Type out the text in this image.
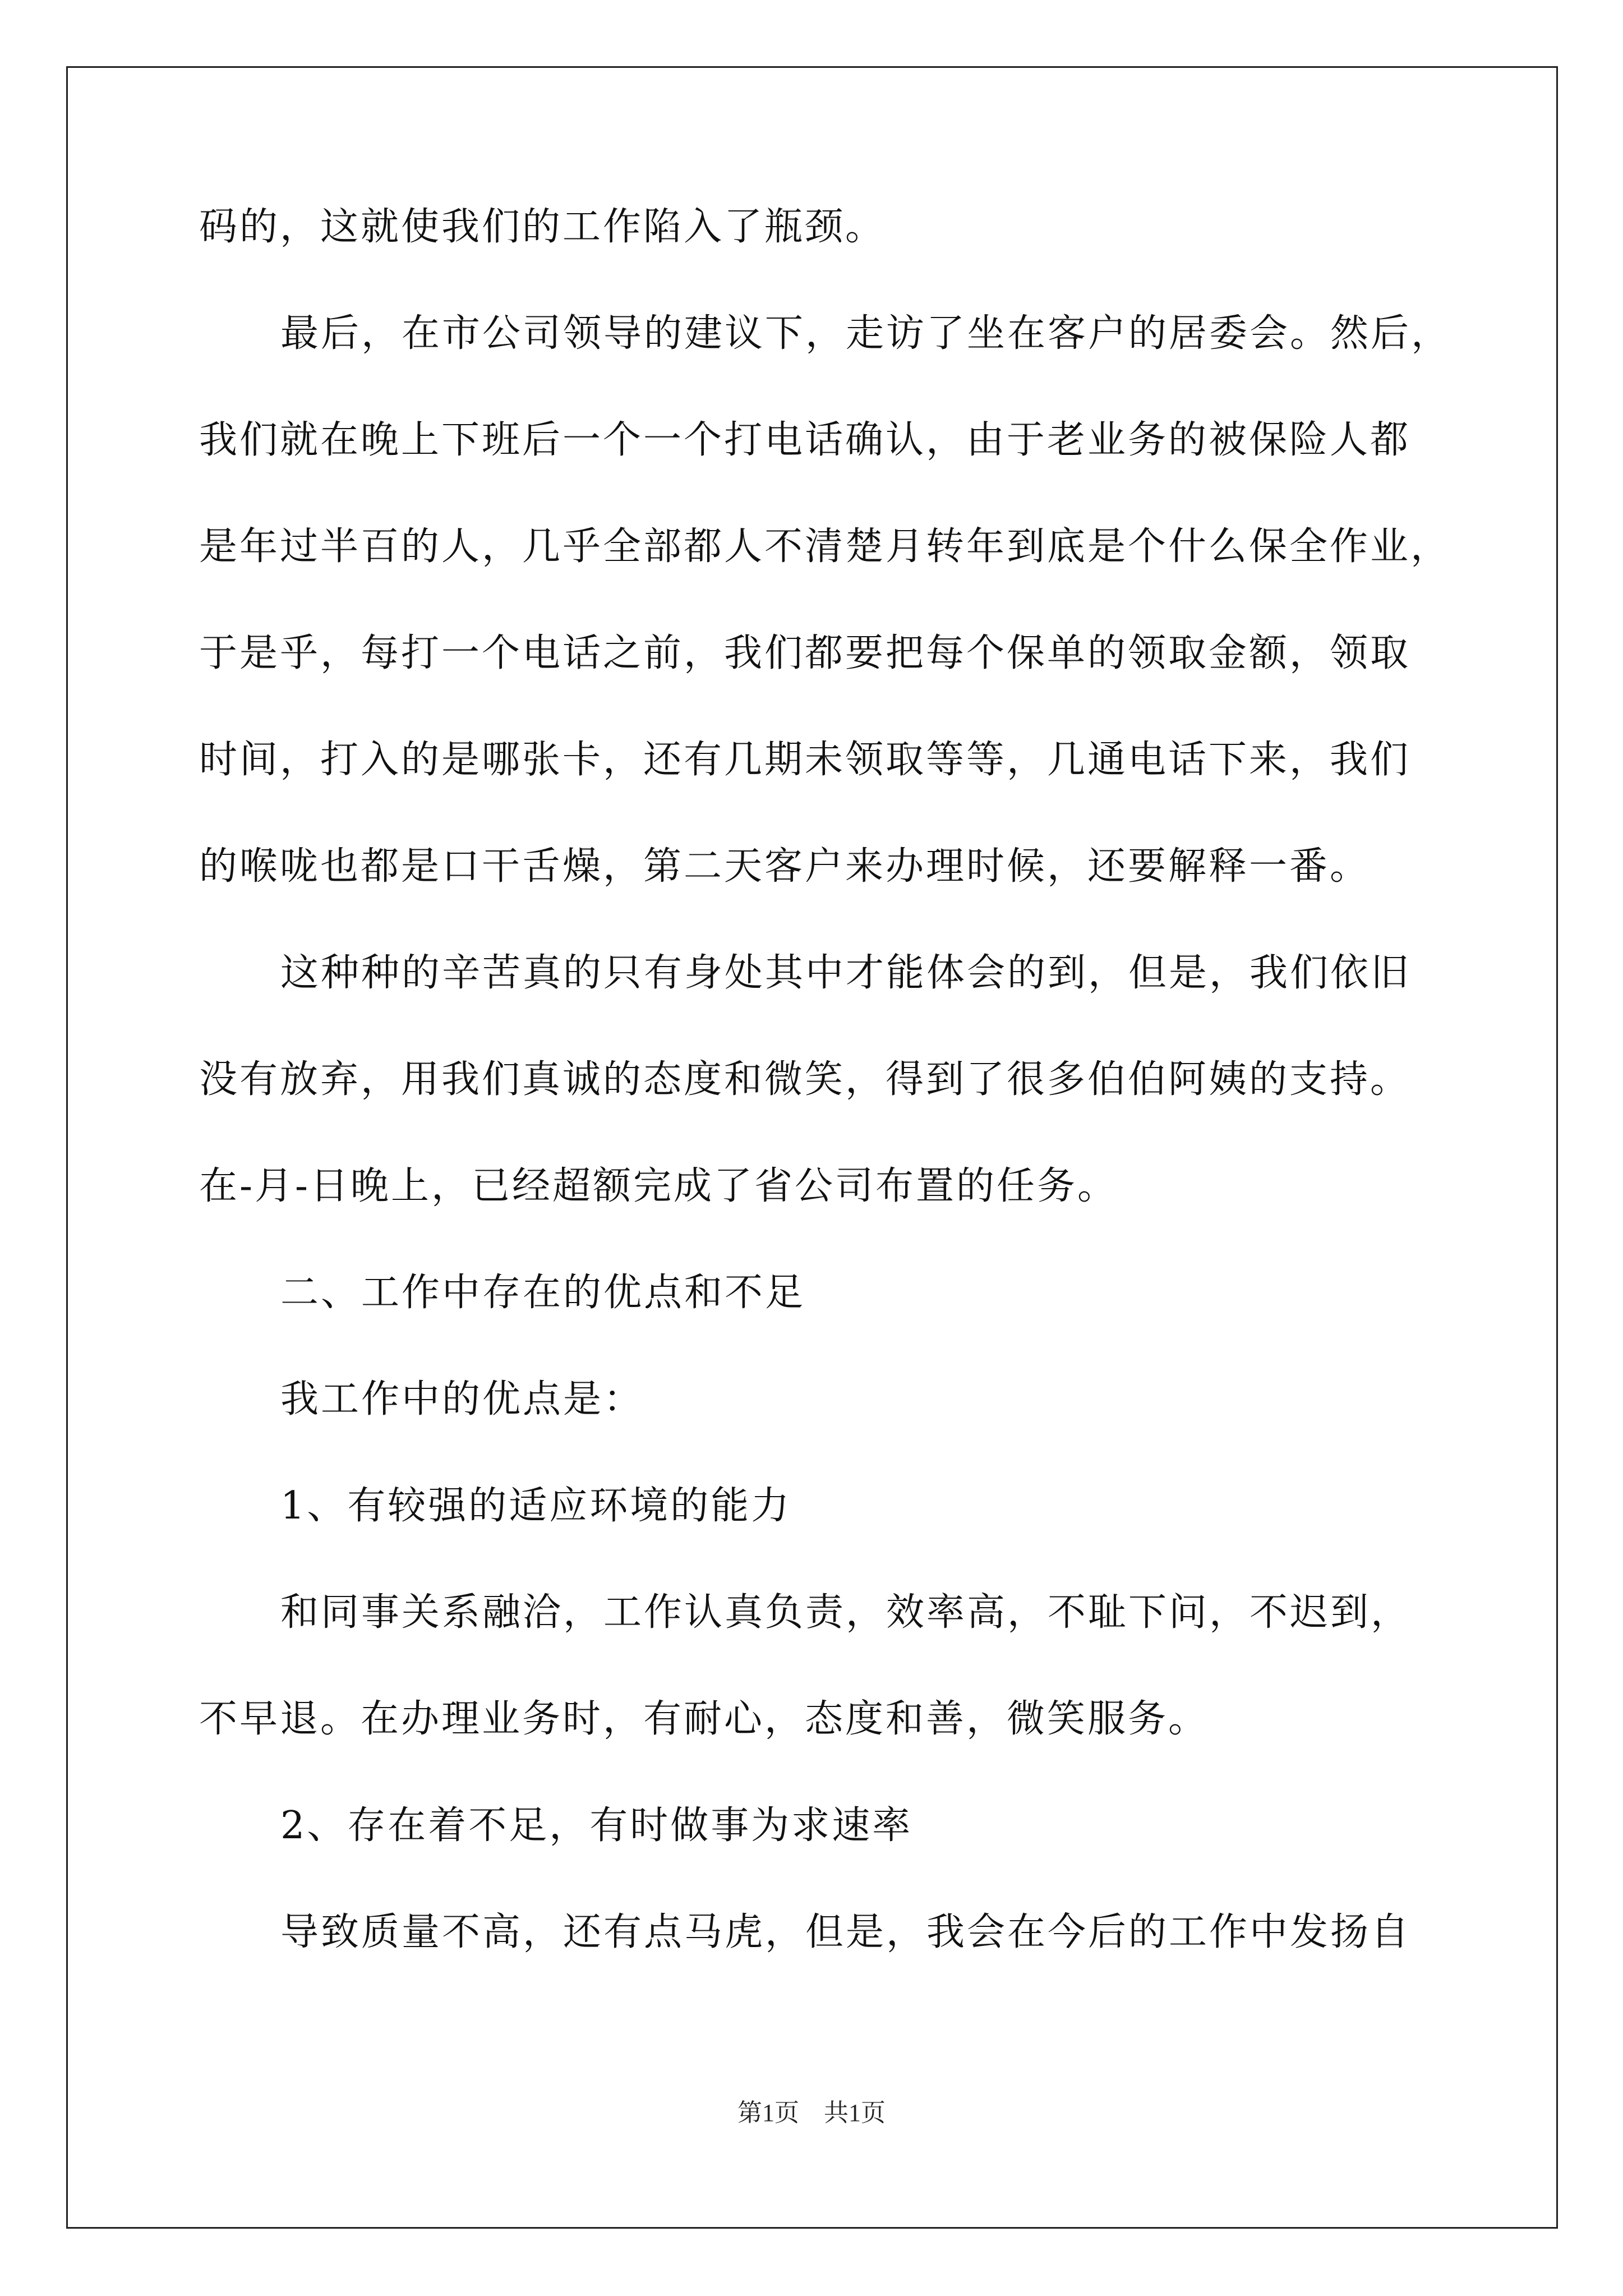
码的，这就使我们的工作陷入了瓶颈。
最后，在市公司领导的建议下，走访了坐在客户的居委会。然后，
我们就在晚上下班后一个一个打电话确认，由于老业务的被保险人都
是年过半百的人，几乎全部都人不清楚月转年到底是个什么保全作业，
于是乎，每打一个电话之前，我们都要把每个保单的领取金额，领取
时间，打入的是哪张卡，还有几期未领取等等，几通电话下来，我们
的喉咙也都是口干舌燥，第二天客户来办理时候，还要解释一番。
这种种的辛苦真的只有身处其中才能体会的到，但是，我们依旧
没有放弃，用我们真诚的态度和微笑，得到了很多伯伯阿姨的支持。
在-月-日晚上，已经超额完成了省公司布置的任务。
二、工作中存在的优点和不足
我工作中的优点是：
1、有较强的适应环境的能力
和同事关系融洽，工作认真负责，效率高，不耻下问，不迟到，
不早退。在办理业务时，有耐心，态度和善，微笑服务。
2、存在着不足，有时做事为求速率
导致质量不高，还有点马虎，但是，我会在今后的工作中发扬自
第1页　共1页
